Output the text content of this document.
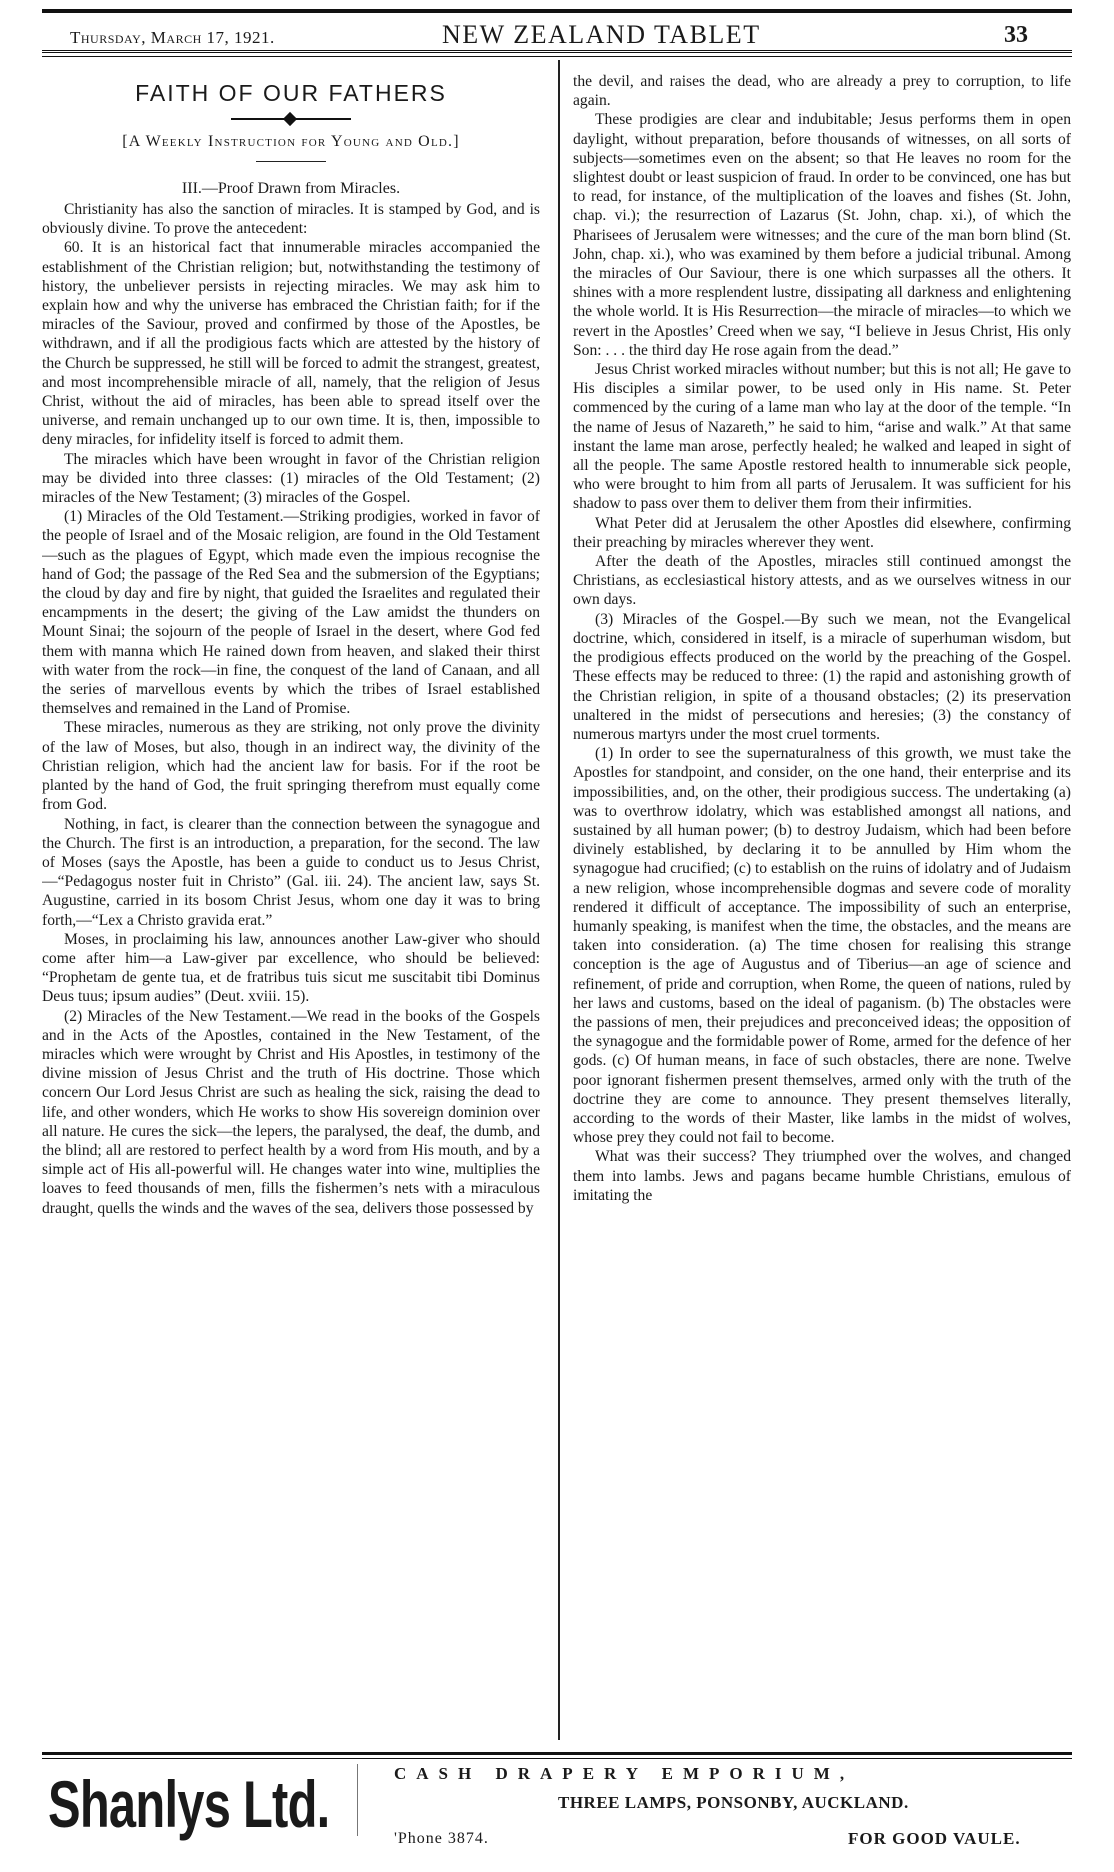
Thursday, March 17, 1921.	NEW ZEALAND TABLET	33
FAITH OF OUR FATHERS
[A Weekly Instruction for Young and Old.]
III.—Proof Drawn from Miracles.

Christianity has also the sanction of miracles. It is stamped by God, and is obviously divine. To prove the antecedent:

60. It is an historical fact that innumerable miracles accompanied the establishment of the Christian religion; but, notwithstanding the testimony of history, the unbeliever persists in rejecting miracles. We may ask him to explain how and why the universe has embraced the Christian faith; for if the miracles of the Saviour, proved and confirmed by those of the Apostles, be withdrawn, and if all the prodigious facts which are attested by the history of the Church be suppressed, he still will be forced to admit the strangest, greatest, and most incomprehensible miracle of all, namely, that the religion of Jesus Christ, without the aid of miracles, has been able to spread itself over the universe, and remain unchanged up to our own time. It is, then, impossible to deny miracles, for infidelity itself is forced to admit them.

The miracles which have been wrought in favor of the Christian religion may be divided into three classes: (1) miracles of the Old Testament; (2) miracles of the New Testament; (3) miracles of the Gospel.

(1) Miracles of the Old Testament.—Striking prodigies, worked in favor of the people of Israel and of the Mosaic religion, are found in the Old Testament—such as the plagues of Egypt, which made even the impious recognise the hand of God; the passage of the Red Sea and the submersion of the Egyptians; the cloud by day and fire by night, that guided the Israelites and regulated their encampments in the desert; the giving of the Law amidst the thunders on Mount Sinai; the sojourn of the people of Israel in the desert, where God fed them with manna which He rained down from heaven, and slaked their thirst with water from the rock—in fine, the conquest of the land of Canaan, and all the series of marvellous events by which the tribes of Israel established themselves and remained in the Land of Promise.

These miracles, numerous as they are striking, not only prove the divinity of the law of Moses, but also, though in an indirect way, the divinity of the Christian religion, which had the ancient law for basis. For if the root be planted by the hand of God, the fruit springing therefrom must equally come from God.

Nothing, in fact, is clearer than the connection between the synagogue and the Church. The first is an introduction, a preparation, for the second. The law of Moses (says the Apostle, has been a guide to conduct us to Jesus Christ,—“Pedagogus noster fuit in Christo” (Gal. iii. 24). The ancient law, says St. Augustine, carried in its bosom Christ Jesus, whom one day it was to bring forth,—“Lex a Christo gravida erat.”

Moses, in proclaiming his law, announces another Law-giver who should come after him—a Law-giver par excellence, who should be believed: “Prophetam de gente tua, et de fratribus tuis sicut me suscitabit tibi Dominus Deus tuus; ipsum audies” (Deut. xviii. 15).

(2) Miracles of the New Testament.—We read in the books of the Gospels and in the Acts of the Apostles, contained in the New Testament, of the miracles which were wrought by Christ and His Apostles, in testimony of the divine mission of Jesus Christ and the truth of His doctrine. Those which concern Our Lord Jesus Christ are such as healing the sick, raising the dead to life, and other wonders, which He works to show His sovereign dominion over all nature. He cures the sick—the lepers, the paralysed, the deaf, the dumb, and the blind; all are restored to perfect health by a word from His mouth, and by a simple act of His all-powerful will. He changes water into wine, multiplies the loaves to feed thousands of men, fills the fishermen’s nets with a miraculous draught, quells the winds and the waves of the sea, delivers those possessed by

the devil, and raises the dead, who are already a prey to corruption, to life again.

These prodigies are clear and indubitable; Jesus performs them in open daylight, without preparation, before thousands of witnesses, on all sorts of subjects—sometimes even on the absent; so that He leaves no room for the slightest doubt or least suspicion of fraud. In order to be convinced, one has but to read, for instance, of the multiplication of the loaves and fishes (St. John, chap. vi.); the resurrection of Lazarus (St. John, chap. xi.), of which the Pharisees of Jerusalem were witnesses; and the cure of the man born blind (St. John, chap. xi.), who was examined by them before a judicial tribunal. Among the miracles of Our Saviour, there is one which surpasses all the others. It shines with a more resplendent lustre, dissipating all darkness and enlightening the whole world. It is His Resurrection—the miracle of miracles—to which we revert in the Apostles’ Creed when we say, “I believe in Jesus Christ, His only Son: . . . the third day He rose again from the dead.”

Jesus Christ worked miracles without number; but this is not all; He gave to His disciples a similar power, to be used only in His name. St. Peter commenced by the curing of a lame man who lay at the door of the temple. “In the name of Jesus of Nazareth,” he said to him, “arise and walk.” At that same instant the lame man arose, perfectly healed; he walked and leaped in sight of all the people. The same Apostle restored health to innumerable sick people, who were brought to him from all parts of Jerusalem. It was sufficient for his shadow to pass over them to deliver them from their infirmities.

What Peter did at Jerusalem the other Apostles did elsewhere, confirming their preaching by miracles wherever they went.

After the death of the Apostles, miracles still continued amongst the Christians, as ecclesiastical history attests, and as we ourselves witness in our own days.

(3) Miracles of the Gospel.—By such we mean, not the Evangelical doctrine, which, considered in itself, is a miracle of superhuman wisdom, but the prodigious effects produced on the world by the preaching of the Gospel. These effects may be reduced to three: (1) the rapid and astonishing growth of the Christian religion, in spite of a thousand obstacles; (2) its preservation unaltered in the midst of persecutions and heresies; (3) the constancy of numerous martyrs under the most cruel torments.

(1) In order to see the supernaturalness of this growth, we must take the Apostles for standpoint, and consider, on the one hand, their enterprise and its impossibilities, and, on the other, their prodigious success. The undertaking (a) was to overthrow idolatry, which was established amongst all nations, and sustained by all human power; (b) to destroy Judaism, which had been before divinely established, by declaring it to be annulled by Him whom the synagogue had crucified; (c) to establish on the ruins of idolatry and of Judaism a new religion, whose incomprehensible dogmas and severe code of morality rendered it difficult of acceptance. The impossibility of such an enterprise, humanly speaking, is manifest when the time, the obstacles, and the means are taken into consideration. (a) The time chosen for realising this strange conception is the age of Augustus and of Tiberius—an age of science and refinement, of pride and corruption, when Rome, the queen of nations, ruled by her laws and customs, based on the ideal of paganism. (b) The obstacles were the passions of men, their prejudices and preconceived ideas; the opposition of the synagogue and the formidable power of Rome, armed for the defence of her gods. (c) Of human means, in face of such obstacles, there are none. Twelve poor ignorant fishermen present themselves, armed only with the truth of the doctrine they are come to announce. They present themselves literally, according to the words of their Master, like lambs in the midst of wolves, whose prey they could not fail to become.

What was their success? They triumphed over the wolves, and changed them into lambs. Jews and pagans became humble Christians, emulous of imitating the

Shanlys Ltd.	CASH DRAPERY EMPORIUM,
THREE LAMPS, PONSONBY, AUCKLAND.
'Phone 3874.	FOR GOOD VAULE.
